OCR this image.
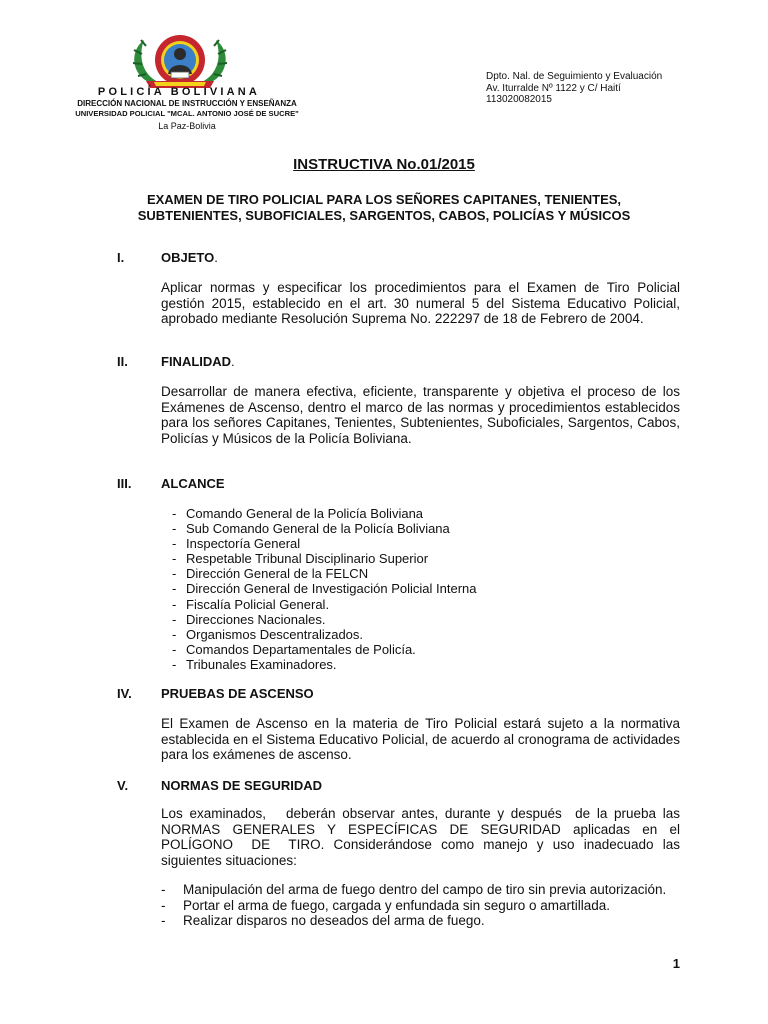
POLICÍA BOLIVIANA
DIRECCIÓN NACIONAL DE INSTRUCCIÓN Y ENSEÑANZA
UNIVERSIDAD POLICIAL "MCAL. ANTONIO JOSÉ DE SUCRE"
La Paz-Bolivia
Dpto. Nal. de Seguimiento y Evaluación
Av. Iturralde Nº 1122 y C/ Haití
113020082015
INSTRUCTIVA No.01/2015
EXAMEN DE TIRO POLICIAL PARA LOS SEÑORES CAPITANES, TENIENTES, SUBTENIENTES, SUBOFICIALES, SARGENTOS, CABOS, POLICÍAS Y MÚSICOS
I.	OBJETO.
Aplicar normas y especificar los procedimientos para el Examen de Tiro Policial gestión 2015, establecido en el art. 30 numeral 5 del Sistema Educativo Policial, aprobado mediante Resolución Suprema No. 222297 de 18 de Febrero de 2004.
II.	FINALIDAD.
Desarrollar de manera efectiva, eficiente, transparente y objetiva el proceso de los Exámenes de Ascenso, dentro el marco de las normas y procedimientos establecidos para los señores Capitanes, Tenientes, Subtenientes, Suboficiales, Sargentos, Cabos, Policías y Músicos de la Policía Boliviana.
III. ALCANCE
- Comando General de la Policía Boliviana
- Sub Comando General de la Policía Boliviana
- Inspectoría General
- Respetable Tribunal Disciplinario Superior
- Dirección General de la FELCN
- Dirección General de Investigación Policial Interna
- Fiscalía Policial General.
- Direcciones Nacionales.
- Organismos Descentralizados.
- Comandos Departamentales de Policía.
- Tribunales Examinadores.
IV. PRUEBAS DE ASCENSO
El Examen de Ascenso en la materia de Tiro Policial estará sujeto a la normativa establecida en el Sistema Educativo Policial, de acuerdo al cronograma de actividades para los exámenes de ascenso.
V.	NORMAS DE SEGURIDAD
Los examinados,   deberán observar antes, durante y después  de la prueba las NORMAS GENERALES Y ESPECÍFICAS DE SEGURIDAD aplicadas en el POLÍGONO  DE  TIRO. Considerándose como manejo y uso inadecuado las siguientes situaciones:
- Manipulación del arma de fuego dentro del campo de tiro sin previa autorización.
- Portar el arma de fuego, cargada y enfundada sin seguro o amartillada.
- Realizar disparos no deseados del arma de fuego.
1
